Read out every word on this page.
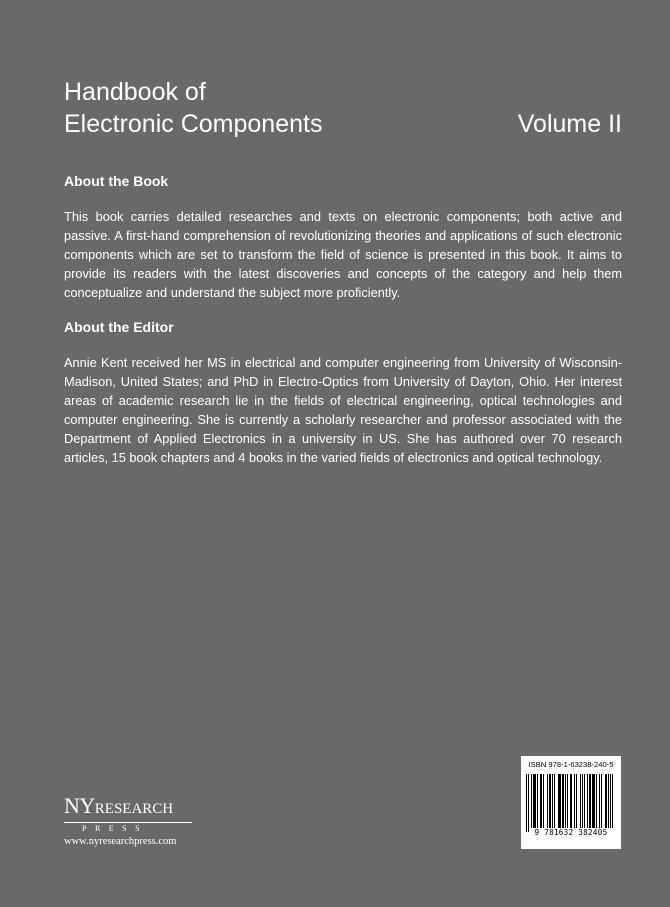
Handbook of
Electronic Components	Volume II
About the Book

This book carries detailed researches and texts on electronic components; both active and passive. A first-hand comprehension of revolutionizing theories and applications of such electronic components which are set to transform the field of science is presented in this book. It aims to provide its readers with the latest discoveries and concepts of the category and help them conceptualize and understand the subject more proficiently.

About the Editor

Annie Kent received her MS in electrical and computer engineering from University of Wisconsin-Madison, United States; and PhD in Electro-Optics from University of Dayton, Ohio. Her interest areas of academic research lie in the fields of electrical engineering, optical technologies and computer engineering. She is currently a scholarly researcher and professor associated with the Department of Applied Electronics in a university in US. She has authored over 70 research articles, 15 book chapters and 4 books in the varied fields of electronics and optical technology.

NYRESEARCH
PRESS
www.nyresearchpress.com
ISBN 978-1-63238-240-5
9 781632 382405
